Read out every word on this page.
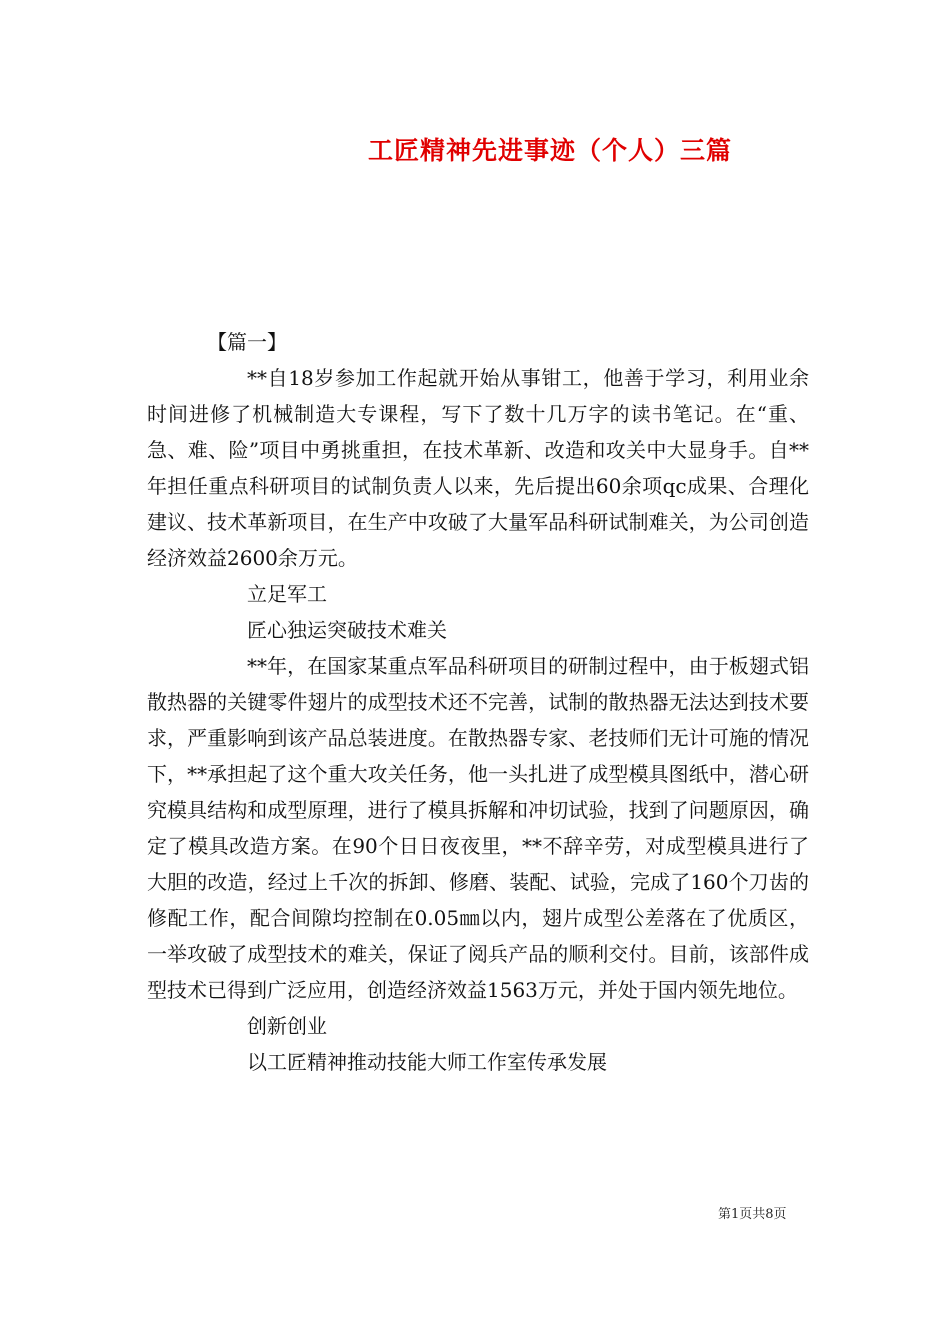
工匠精神先进事迹（个人）三篇

【篇一】

**自18岁参加工作起就开始从事钳工，他善于学习，利用业余时间进修了机械制造大专课程，写下了数十几万字的读书笔记。在“重、急、难、险”项目中勇挑重担，在技术革新、改造和攻关中大显身手。自**年担任重点科研项目的试制负责人以来，先后提出60余项qc成果、合理化建议、技术革新项目，在生产中攻破了大量军品科研试制难关，为公司创造经济效益2600余万元。

立足军工

匠心独运突破技术难关

**年，在国家某重点军品科研项目的研制过程中，由于板翅式铝散热器的关键零件翅片的成型技术还不完善，试制的散热器无法达到技术要求，严重影响到该产品总装进度。在散热器专家、老技师们无计可施的情况下，**承担起了这个重大攻关任务，他一头扎进了成型模具图纸中，潜心研究模具结构和成型原理，进行了模具拆解和冲切试验，找到了问题原因，确定了模具改造方案。在90个日日夜夜里，**不辞辛劳，对成型模具进行了大胆的改造，经过上千次的拆卸、修磨、装配、试验，完成了160个刀齿的修配工作，配合间隙均控制在0.05㎜以内，翅片成型公差落在了优质区，一举攻破了成型技术的难关，保证了阅兵产品的顺利交付。目前，该部件成型技术已得到广泛应用，创造经济效益1563万元，并处于国内领先地位。

创新创业

以工匠精神推动技能大师工作室传承发展

第1页共8页
